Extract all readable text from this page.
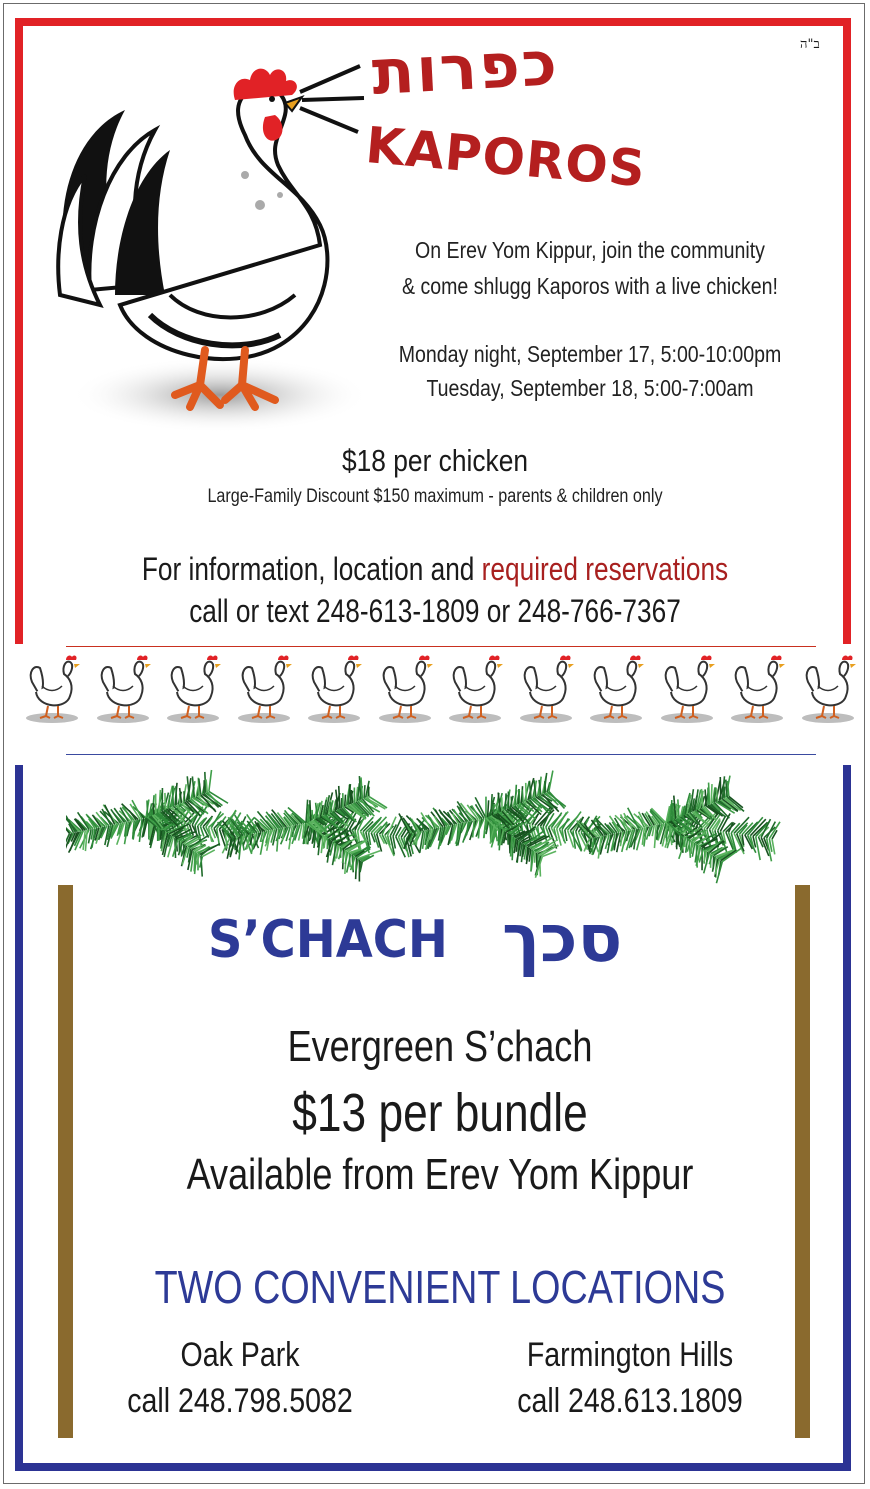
ב"ה
כפרות
KAPOROS
On Erev Yom Kippur, join the community
& come shlugg Kaporos with a live chicken!
Monday night, September 17, 5:00-10:00pm
Tuesday, September 18, 5:00-7:00am
$18 per chicken
Large-Family Discount $150 maximum - parents & children only
For information, location and required reservations
call or text 248-613-1809 or 248-766-7367
S’CHACH סכך
Evergreen S’chach
$13 per bundle
Available from Erev Yom Kippur
TWO CONVENIENT LOCATIONS
Oak Park
call 248.798.5082
Farmington Hills
call 248.613.1809
